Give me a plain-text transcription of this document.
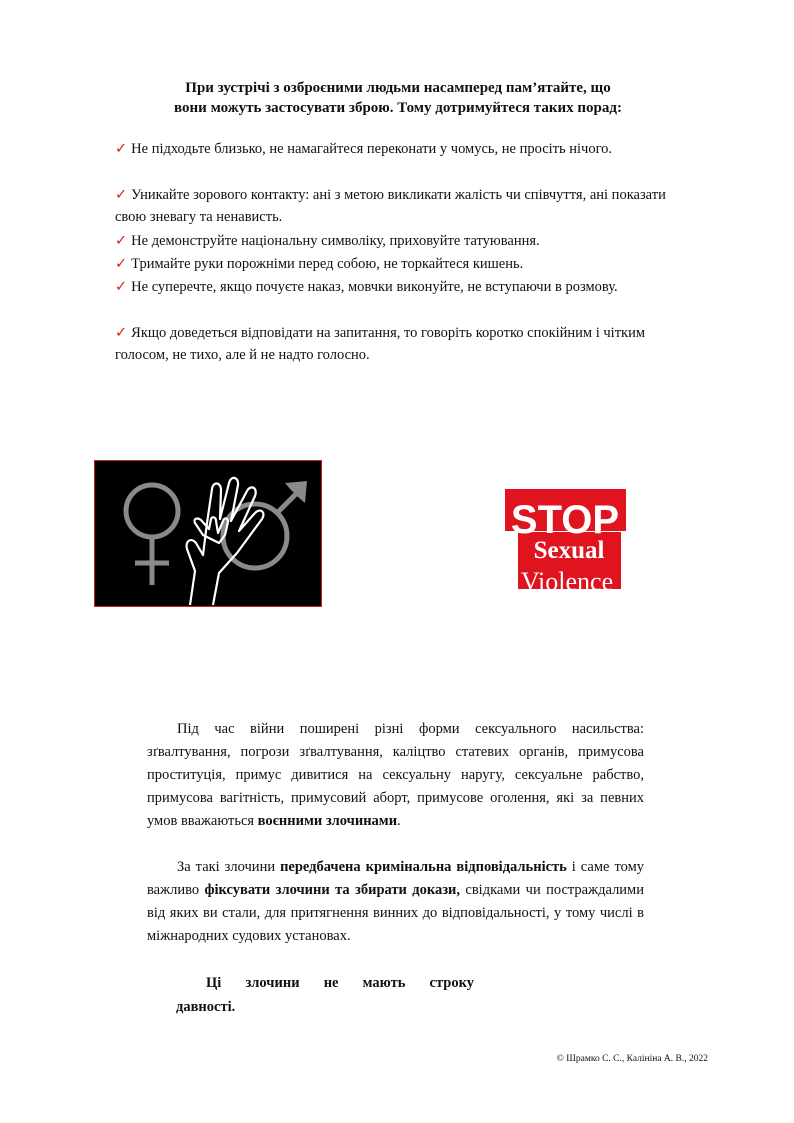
При зустрічі з озброєними людьми насамперед пам’ятайте, що
вони можуть застосувати зброю. Тому дотримуйтеся таких порад:
✓ Не підходьте близько, не намагайтеся переконати у чомусь, не просіть нічого.
✓ Уникайте зорового контакту: ані з метою викликати жалість чи співчуття, ані показати свою зневагу та ненависть.
✓ Не демонструйте національну символіку, приховуйте татуювання.
✓ Тримайте руки порожніми перед собою, не торкайтеся кишень.
✓ Не суперечте, якщо почуєте наказ, мовчки виконуйте, не вступаючи в розмову.
✓ Якщо доведеться відповідати на запитання, то говоріть коротко спокійним і чітким голосом, не тихо, але й не надто голосно.
STOP
Sexual
Violence
Під час війни поширені різні форми сексуального насильства: зґвалтування, погрози зґвалтування, каліцтво статевих органів, примусова проституція, примус дивитися на сексуальну наругу, сексуальне рабство, примусова вагітність, примусовий аборт, примусове оголення, які за певних умов вважаються воєнними злочинами.
За такі злочини передбачена кримінальна відповідальність і саме тому важливо фіксувати злочини та збирати докази, свідками чи постраждалими від яких ви стали, для притягнення винних до відповідальності, у тому числі в міжнародних судових установах.
Ці злочини не мають строку
давності.
© Шрамко С. С., Калініна А. В., 2022
